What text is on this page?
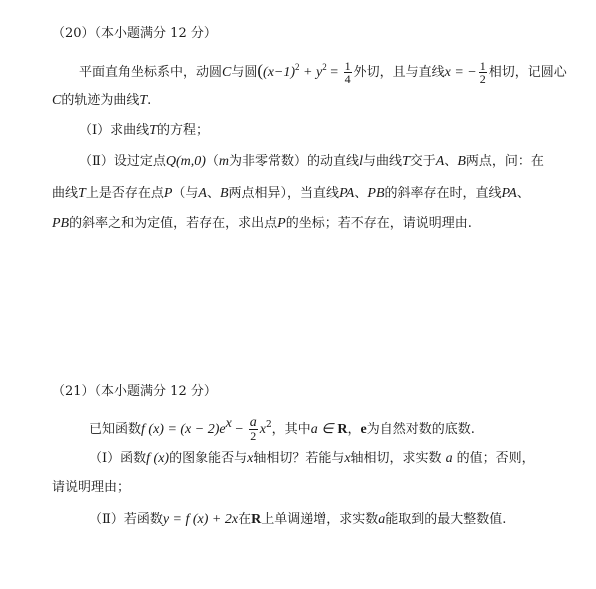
（20）（本小题满分 12 分）
平面直角坐标系中，动圆C与圆($(x-1)^2 + y^2 = \frac{1}{4}$ 外切，且与直线x = − $\frac{1}{2}$ 相切，记圆心
C的轨迹为曲线T.
（Ⅰ）求曲线T的方程；
（Ⅱ）设过定点Q(m,0)（m为非零常数）的动直线l与曲线T交于A、B两点，问：在
曲线T上是否存在点P（与A、B两点相异），当直线PA、PB的斜率存在时，直线PA、
PB的斜率之和为定值，若存在，求出点P的坐标；若不存在，请说明理由.
（21）（本小题满分 12 分）
已知函数f $(x) = (x - 2)e^x - \frac{a}{2} x^2$，其中a ∈ R，e为自然对数的底数.
（Ⅰ）函数f (x)的图象能否与x轴相切？若能与x轴相切，求实数 a 的值；否则，
请说明理由；
（Ⅱ）若函数y = f (x) + 2x在R上单调递增，求实数a能取到的最大整数值.
